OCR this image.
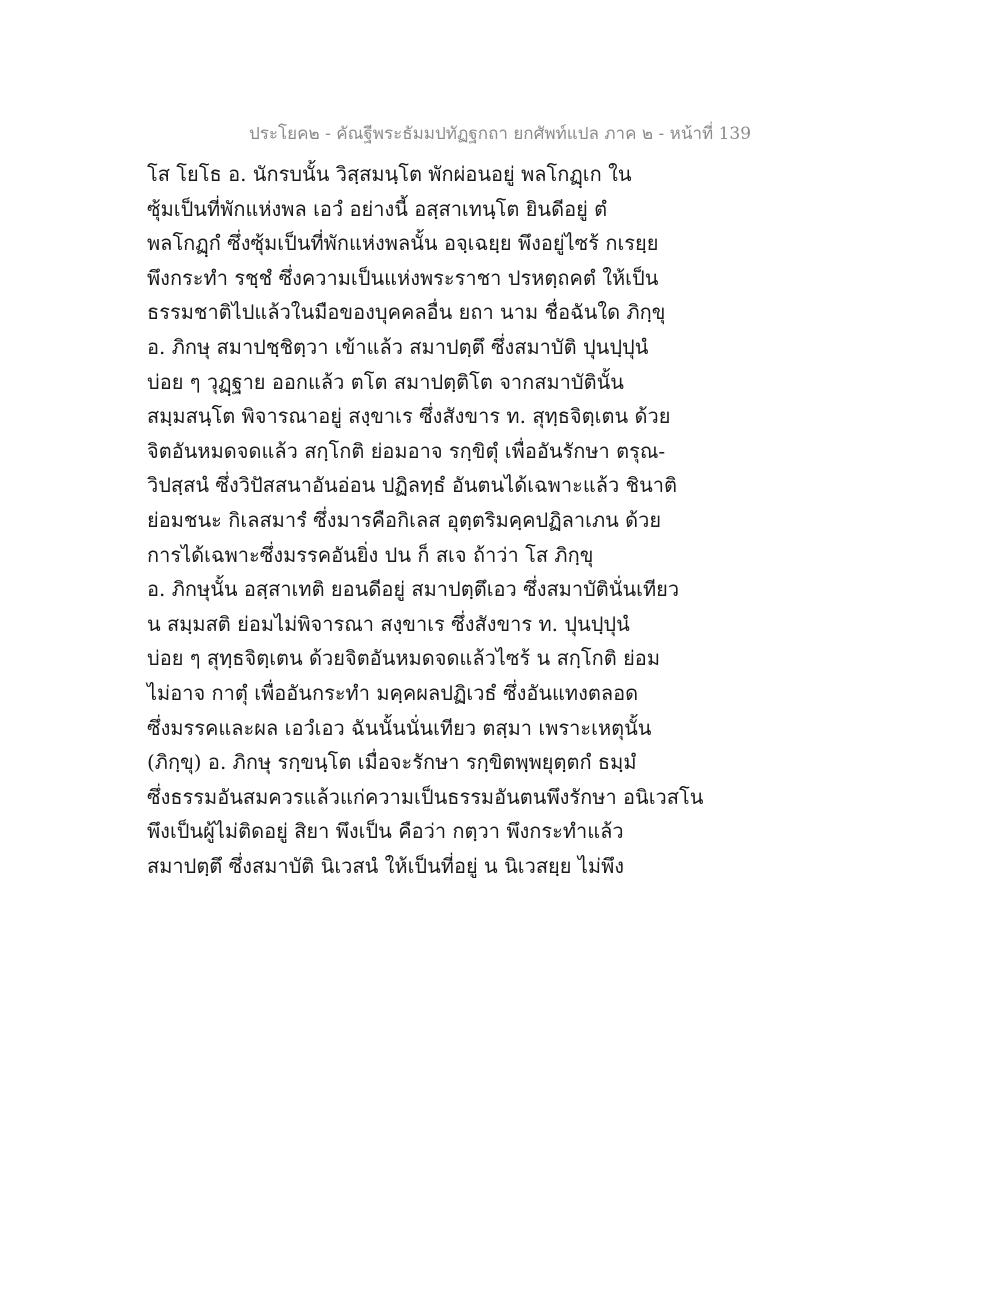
ประโยค๒ - คัณฐีพระธัมมปทัฏฐกถา ยกศัพท์แปล ภาค ๒ - หน้าที่ 139
โส โยโธ อ. นักรบนั้น วิสฺสมนฺโต พักผ่อนอยู่ พลโกฏฺเก ใน
ซุ้มเป็นที่พักแห่งพล เอวํ อย่างนี้ อสฺสาเทนฺโต ยินดีอยู่ ตํ
พลโกฏฺกํ ซึ่งซุ้มเป็นที่พักแห่งพลนั้น อจฺเฉยฺย พึงอยู่ไซร้ กเรยฺย
พึงกระทำ รชฺชํ ซึ่งความเป็นแห่งพระราชา ปรหตฺถคตํ ให้เป็น
ธรรมชาติไปแล้วในมือของบุคคลอื่น ยถา นาม ชื่อฉันใด ภิกฺขุ
อ. ภิกษุ สมาปชฺชิตฺวา เข้าแล้ว สมาปตฺตึ ซึ่งสมาบัติ ปุนปฺปุนํ
บ่อย ๆ วุฏฺฐาย ออกแล้ว ตโต สมาปตฺติโต จากสมาบัตินั้น
สมฺมสนฺโต พิจารณาอยู่ สงฺขาเร ซึ่งสังขาร ท. สุทฺธจิตฺเตน ด้วย
จิตอันหมดจดแล้ว สกฺโกติ ย่อมอาจ รกฺขิตุํ เพื่ออันรักษา ตรุณ-
วิปสฺสนํ ซึ่งวิปัสสนาอันอ่อน ปฏิลทฺธํ อันตนได้เฉพาะแล้ว ชินาติ
ย่อมชนะ กิเลสมารํ ซึ่งมารคือกิเลส อุตฺตริมคฺคปฏิลาเภน ด้วย
การได้เฉพาะซึ่งมรรคอันยิ่ง ปน ก็ สเจ ถ้าว่า โส ภิกฺขุ
อ. ภิกษุนั้น อสฺสาเทติ ยอนดีอยู่ สมาปตฺตึเอว ซึ่งสมาบัตินั่นเทียว
น สมฺมสติ ย่อมไม่พิจารณา สงฺขาเร ซึ่งสังขาร ท. ปุนปฺปุนํ
บ่อย ๆ สุทฺธจิตฺเตน ด้วยจิตอันหมดจดแล้วไซร้ น สกฺโกติ ย่อม
ไม่อาจ กาตุํ เพื่ออันกระทำ มคฺคผลปฏิเวธํ ซึ่งอันแทงตลอด
ซึ่งมรรคและผล เอวํเอว ฉันนั้นนั่นเทียว ตสฺมา เพราะเหตุนั้น
(ภิกฺขุ) อ. ภิกษุ รกฺขนฺโต เมื่อจะรักษา รกฺขิตพฺพยุตฺตกํ ธมฺมํ
ซึ่งธรรมอันสมควรแล้วแก่ความเป็นธรรมอันตนพึงรักษา อนิเวสโน
พึงเป็นผู้ไม่ติดอยู่ สิยา พึงเป็น คือว่า กตฺวา พึงกระทำแล้ว
สมาปตฺตึ ซึ่งสมาบัติ นิเวสนํ ให้เป็นที่อยู่ น นิเวสยฺย ไม่พึง
